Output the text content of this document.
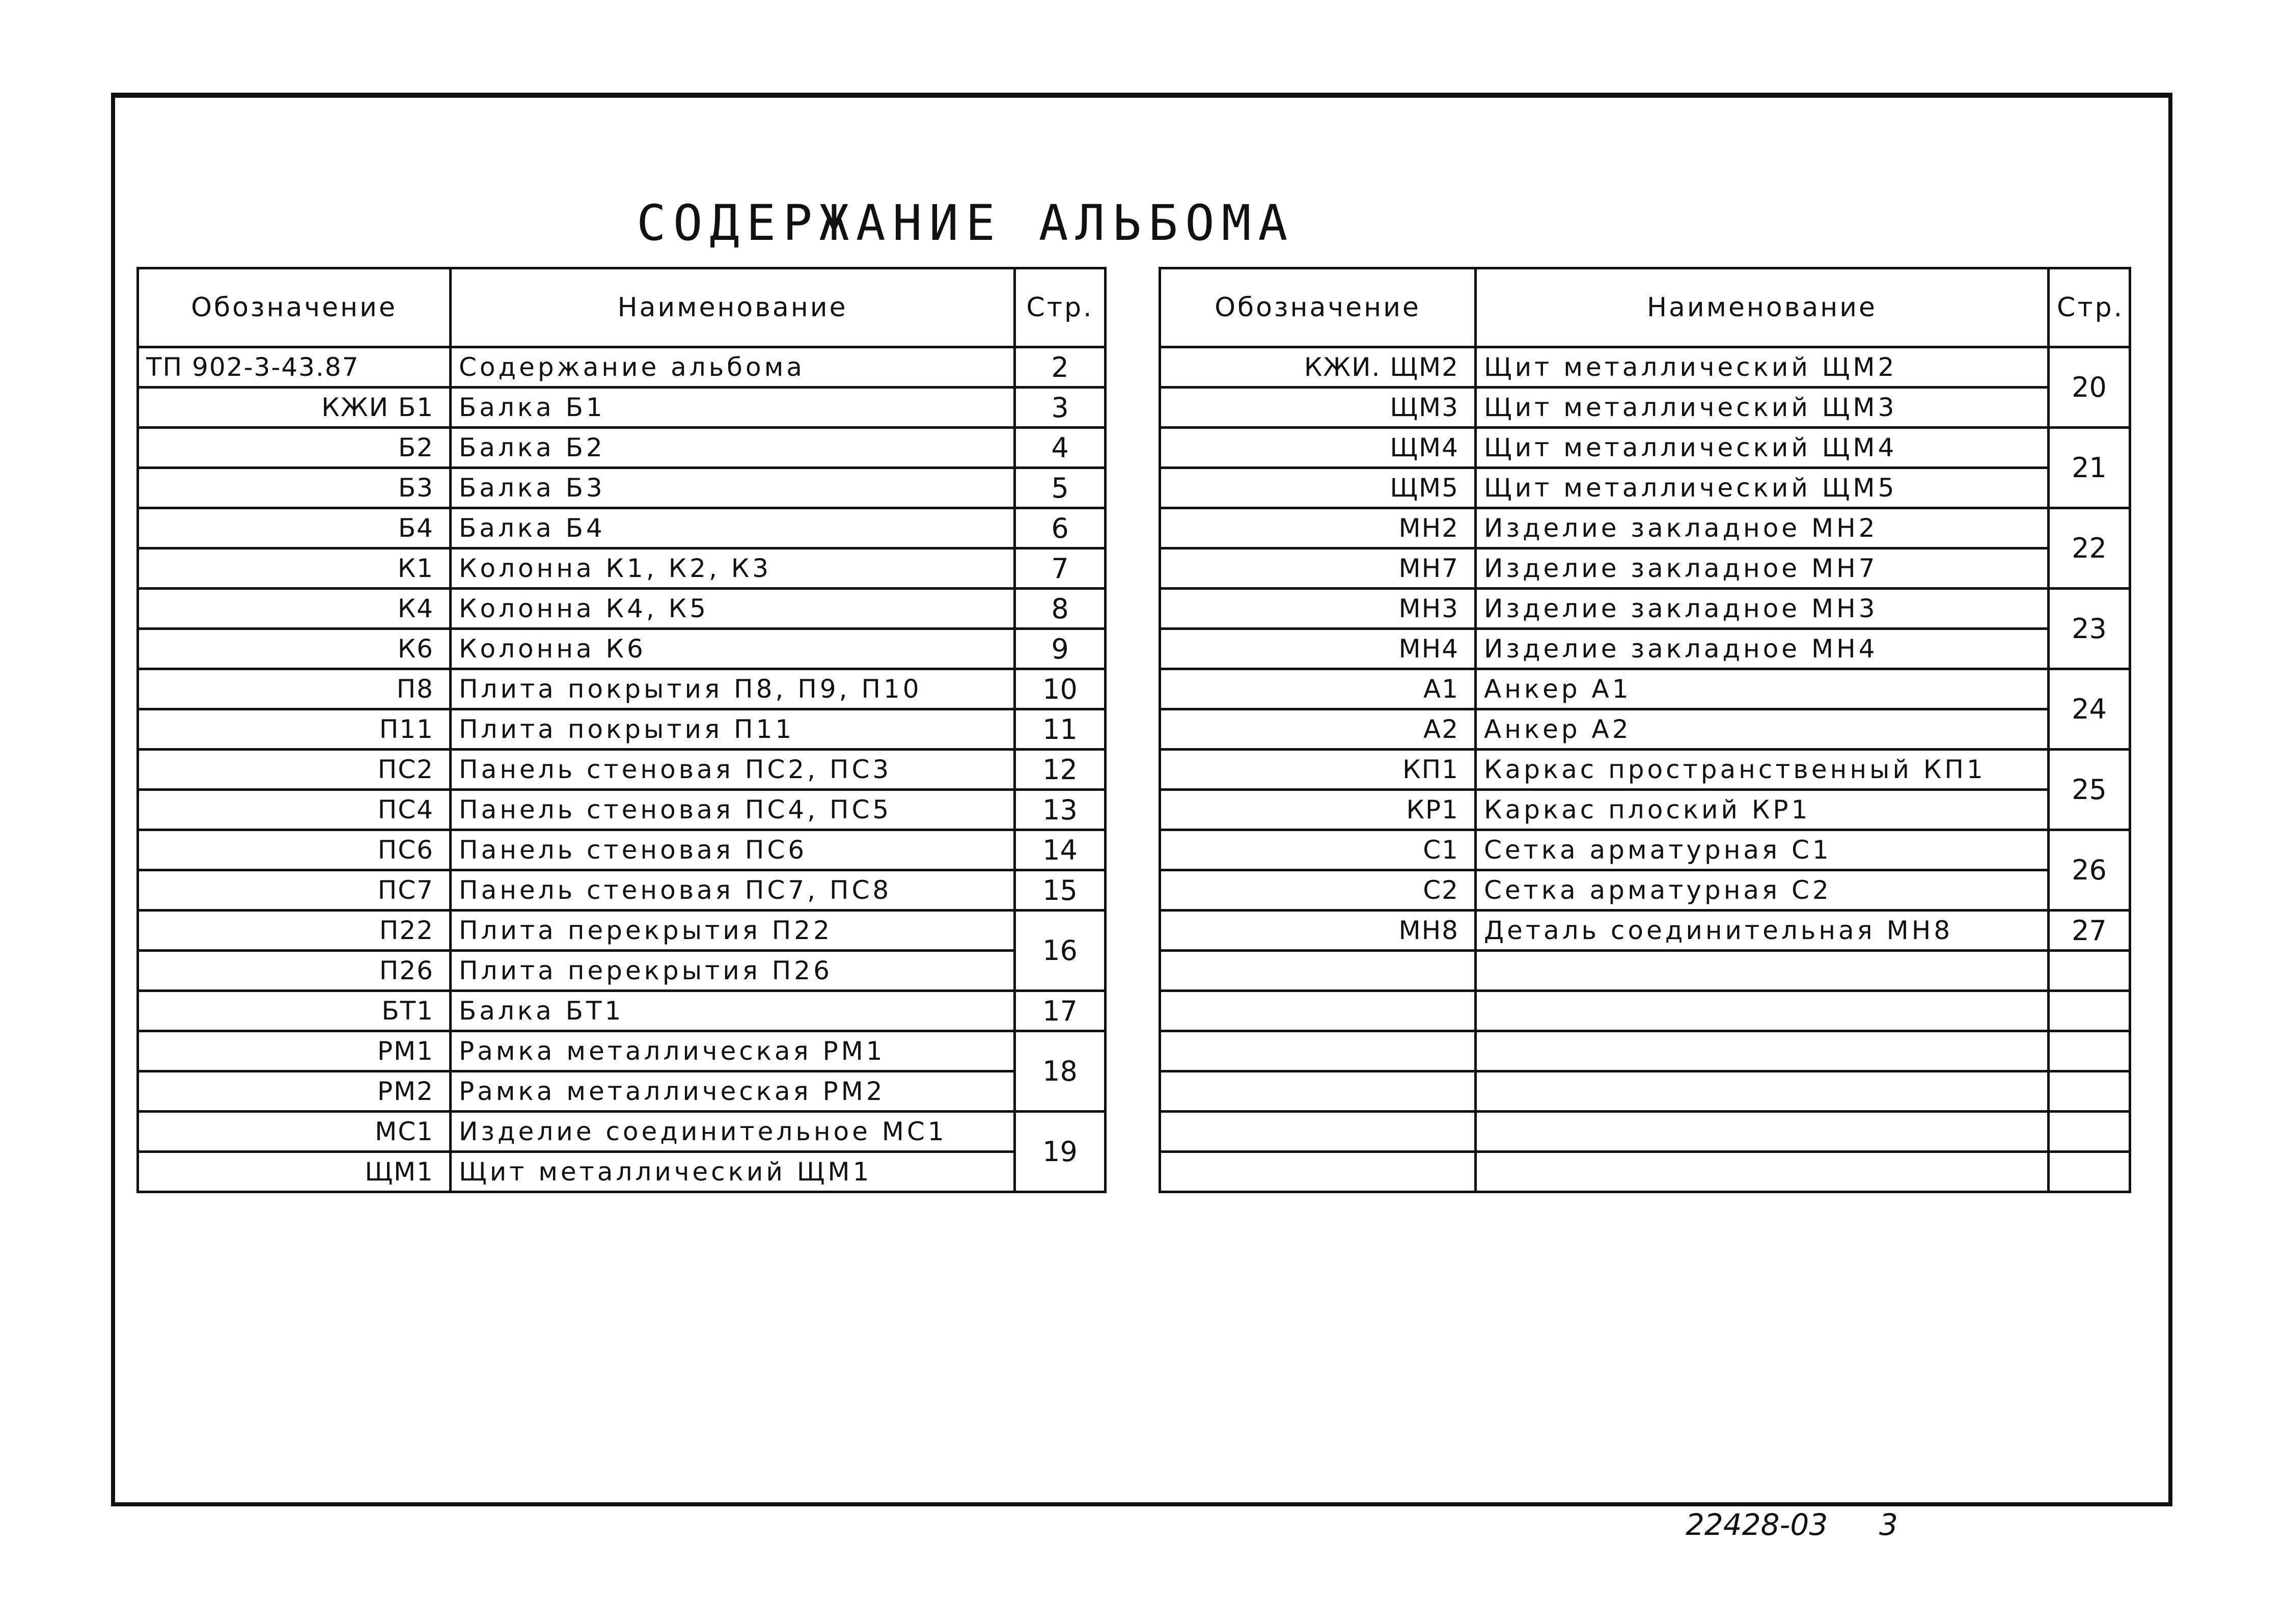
СОДЕРЖАНИЕ АЛЬБОМА
Обозначение	Наименование	Стр.
ТП 902-3-43.87	Содержание альбома	2
КЖИ Б1	Балка Б1	3
Б2	Балка Б2	4
Б3	Балка Б3	5
Б4	Балка Б4	6
К1	Колонна К1, К2, К3	7
К4	Колонна К4, К5	8
К6	Колонна К6	9
П8	Плита покрытия П8, П9, П10	10
П11	Плита покрытия П11	11
ПС2	Панель стеновая ПС2, ПС3	12
ПС4	Панель стеновая ПС4, ПС5	13
ПС6	Панель стеновая ПС6	14
ПС7	Панель стеновая ПС7, ПС8	15
П22	Плита перекрытия П22	16
П26	Плита перекрытия П26	
БТ1	Балка БТ1	17
РМ1	Рамка металлическая РМ1	18
РМ2	Рамка металлическая РМ2	
МС1	Изделие соединительное МС1	19
ЩМ1	Щит металлический ЩМ1	
Обозначение	Наименование	Стр.
КЖИ. ЩМ2	Щит металлический ЩМ2	20
ЩМ3	Щит металлический ЩМ3	
ЩМ4	Щит металлический ЩМ4	21
ЩМ5	Щит металлический ЩМ5	
МН2	Изделие закладное МН2	22
МН7	Изделие закладное МН7	
МН3	Изделие закладное МН3	23
МН4	Изделие закладное МН4	
А1	Анкер А1	24
А2	Анкер А2	
КП1	Каркас пространственный КП1	25
КР1	Каркас плоский КР1	
С1	Сетка арматурная С1	26
С2	Сетка арматурная С2	
МН8	Деталь соединительная МН8	27

22428-03 3
